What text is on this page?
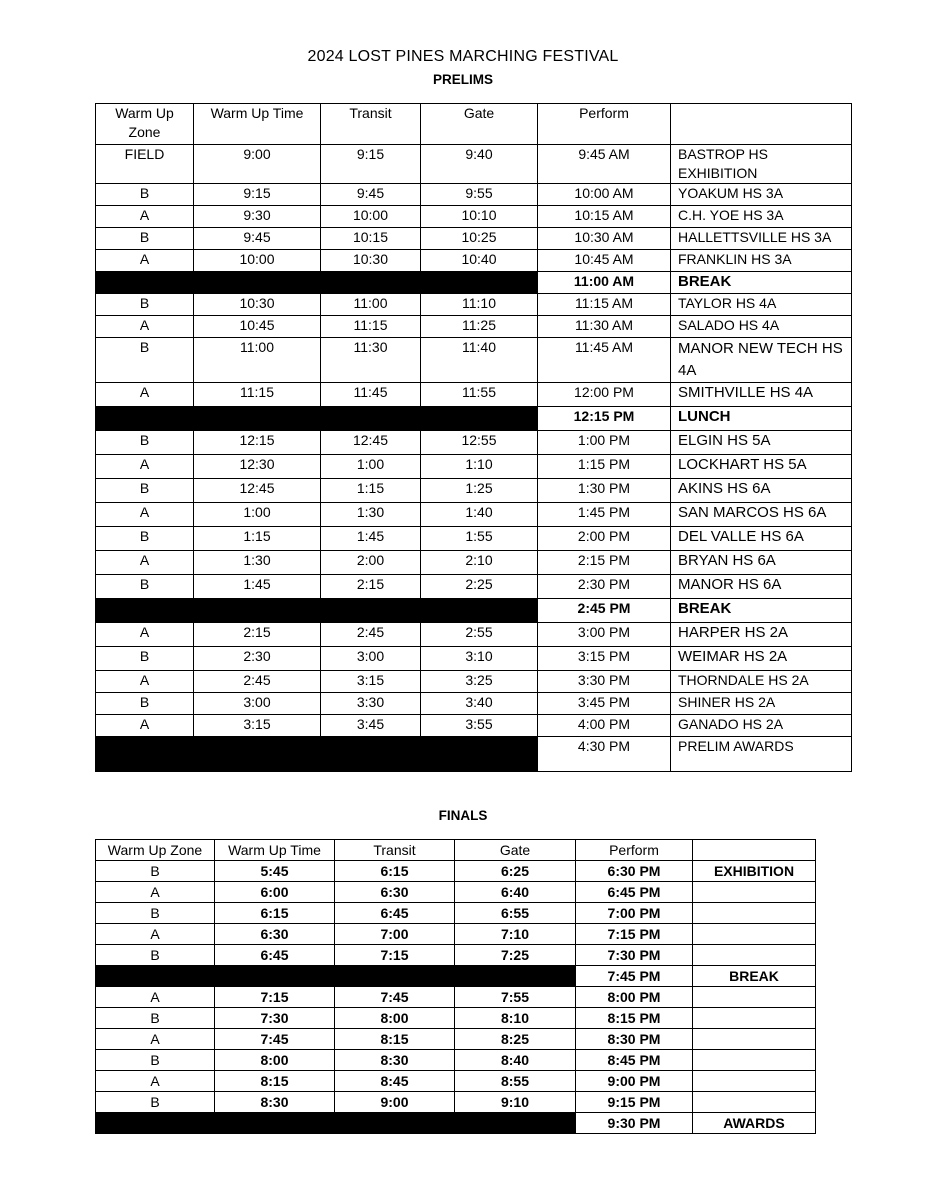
2024 LOST PINES MARCHING FESTIVAL
PRELIMS
Warm Up Zone	Warm Up Time	Transit	Gate	Perform	
FIELD	9:00	9:15	9:40	9:45 AM	BASTROP HS EXHIBITION
B	9:15	9:45	9:55	10:00 AM	YOAKUM HS 3A
A	9:30	10:00	10:10	10:15 AM	C.H. YOE HS 3A
B	9:45	10:15	10:25	10:30 AM	HALLETTSVILLE HS 3A
A	10:00	10:30	10:40	10:45 AM	FRANKLIN HS 3A
				11:00 AM	BREAK
B	10:30	11:00	11:10	11:15 AM	TAYLOR HS 4A
A	10:45	11:15	11:25	11:30 AM	SALADO HS 4A
B	11:00	11:30	11:40	11:45 AM	MANOR NEW TECH HS 4A
A	11:15	11:45	11:55	12:00 PM	SMITHVILLE HS 4A
				12:15 PM	LUNCH
B	12:15	12:45	12:55	1:00 PM	ELGIN HS 5A
A	12:30	1:00	1:10	1:15 PM	LOCKHART HS 5A
B	12:45	1:15	1:25	1:30 PM	AKINS HS 6A
A	1:00	1:30	1:40	1:45 PM	SAN MARCOS HS 6A
B	1:15	1:45	1:55	2:00 PM	DEL VALLE HS 6A
A	1:30	2:00	2:10	2:15 PM	BRYAN HS 6A
B	1:45	2:15	2:25	2:30 PM	MANOR HS 6A
				2:45 PM	BREAK
A	2:15	2:45	2:55	3:00 PM	HARPER HS 2A
B	2:30	3:00	3:10	3:15 PM	WEIMAR HS 2A
A	2:45	3:15	3:25	3:30 PM	THORNDALE HS 2A
B	3:00	3:30	3:40	3:45 PM	SHINER HS 2A
A	3:15	3:45	3:55	4:00 PM	GANADO HS 2A
				4:30 PM	PRELIM AWARDS
FINALS
Warm Up Zone	Warm Up Time	Transit	Gate	Perform	
B	5:45	6:15	6:25	6:30 PM	EXHIBITION
A	6:00	6:30	6:40	6:45 PM	
B	6:15	6:45	6:55	7:00 PM	
A	6:30	7:00	7:10	7:15 PM	
B	6:45	7:15	7:25	7:30 PM	
				7:45 PM	BREAK
A	7:15	7:45	7:55	8:00 PM	
B	7:30	8:00	8:10	8:15 PM	
A	7:45	8:15	8:25	8:30 PM	
B	8:00	8:30	8:40	8:45 PM	
A	8:15	8:45	8:55	9:00 PM	
B	8:30	9:00	9:10	9:15 PM	
				9:30 PM	AWARDS
